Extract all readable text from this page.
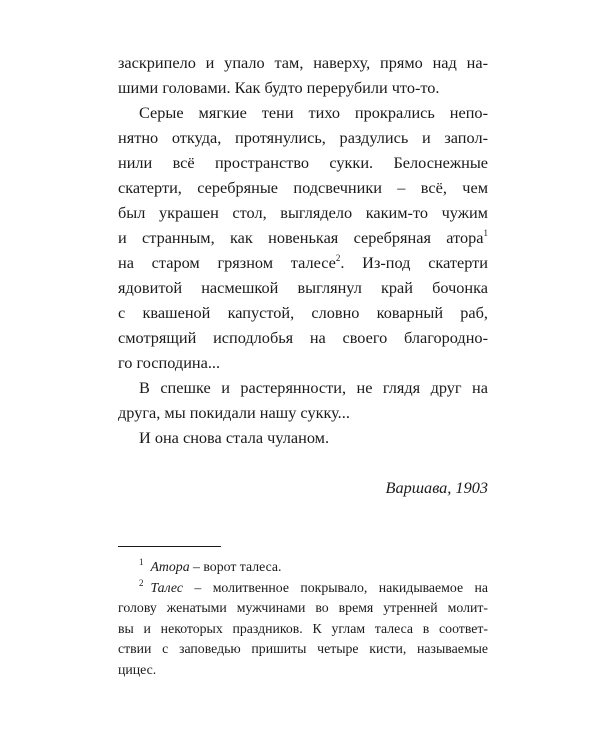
заскрипело и упало там, наверху, прямо над на-
шими головами. Как будто перерубили что-то.

Серые мягкие тени тихо прокрались непо-
нятно откуда, протянулись, раздулись и запол-
нили всё пространство сукки. Белоснежные
скатерти, серебряные подсвечники – всё, чем
был украшен стол, выглядело каким-то чужим
и странным, как новенькая серебряная атора$^1$
на старом грязном талесе$^2$. Из-под скатерти
ядовитой насмешкой выглянул край бочонка
с квашеной капустой, словно коварный раб,
смотрящий исподлобья на своего благородно-
го господина...

В спешке и растерянности, не глядя друг на
друга, мы покидали нашу сукку...

И она снова стала чуланом.

Варшава, 1903
$^1$ Атора – ворот талеса.
$^2$ Талес – молитвенное покрывало, накидываемое на
голову женатыми мужчинами во время утренней молит-
вы и некоторых праздников. К углам талеса в соответ-
ствии с заповедью пришиты четыре кисти, называемые
цицес.
